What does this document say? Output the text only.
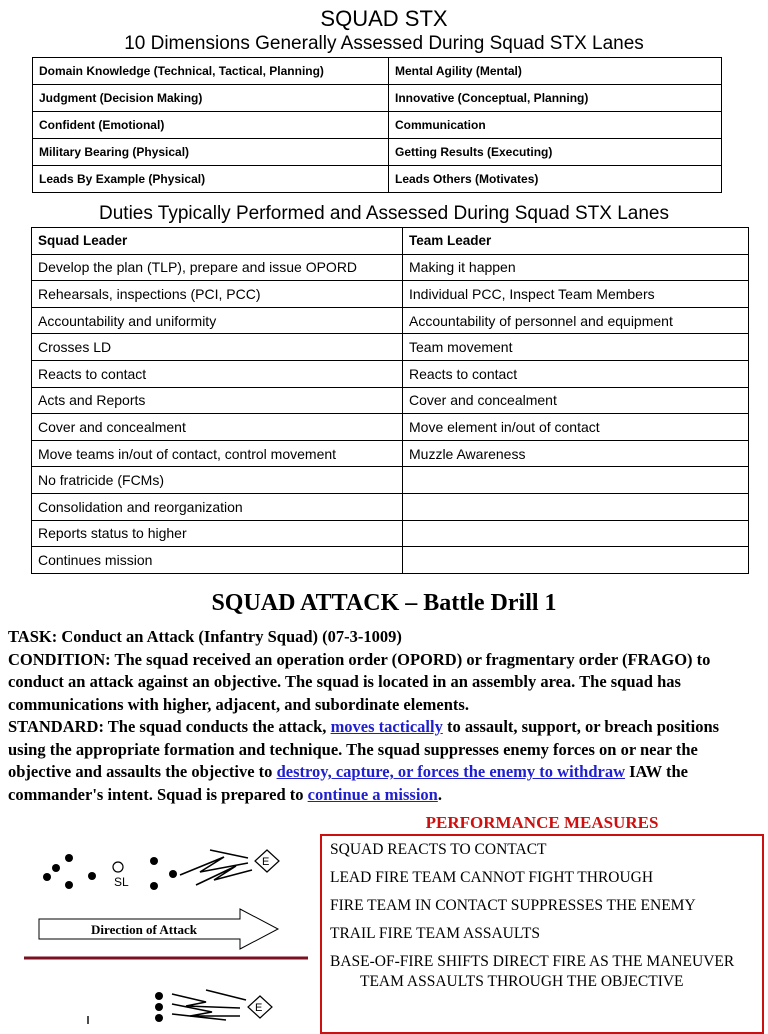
SQUAD STX
10 Dimensions Generally Assessed During Squad STX Lanes
Domain Knowledge (Technical, Tactical, Planning)	Mental Agility (Mental)
Judgment (Decision Making)	Innovative (Conceptual, Planning)
Confident (Emotional)	Communication
Military Bearing (Physical)	Getting Results (Executing)
Leads By Example (Physical)	Leads Others (Motivates)
Duties Typically Performed and Assessed During Squad STX Lanes
Squad Leader	Team Leader
Develop the plan (TLP), prepare and issue OPORD	Making it happen
Rehearsals, inspections (PCI, PCC)	Individual PCC, Inspect Team Members
Accountability and uniformity	Accountability of personnel and equipment
Crosses LD	Team movement
Reacts to contact	Reacts to contact
Acts and Reports	Cover and concealment
Cover and concealment	Move element in/out of contact
Move teams in/out of contact, control movement	Muzzle Awareness
No fratricide (FCMs)	
Consolidation and reorganization	
Reports status to higher	
Continues mission	
SQUAD ATTACK – Battle Drill 1

TASK: Conduct an Attack (Infantry Squad) (07-3-1009)

CONDITION: The squad received an operation order (OPORD) or fragmentary order (FRAGO) to conduct an attack against an objective. The squad is located in an assembly area. The squad has communications with higher, adjacent, and subordinate elements.

STANDARD: The squad conducts the attack, moves tactically to assault, support, or breach positions using the appropriate formation and technique. The squad suppresses enemy forces on or near the objective and assaults the objective to destroy, capture, or forces the enemy to withdraw IAW the commander's intent. Squad is prepared to continue a mission.

PERFORMANCE MEASURES
SQUAD REACTS TO CONTACT
LEAD FIRE TEAM CANNOT FIGHT THROUGH
FIRE TEAM IN CONTACT SUPPRESSES THE ENEMY
TRAIL FIRE TEAM ASSAULTS
BASE-OF-FIRE SHIFTS DIRECT FIRE AS THE MANEUVER TEAM ASSAULTS THROUGH THE OBJECTIVE
SL
E
Direction of Attack
E
